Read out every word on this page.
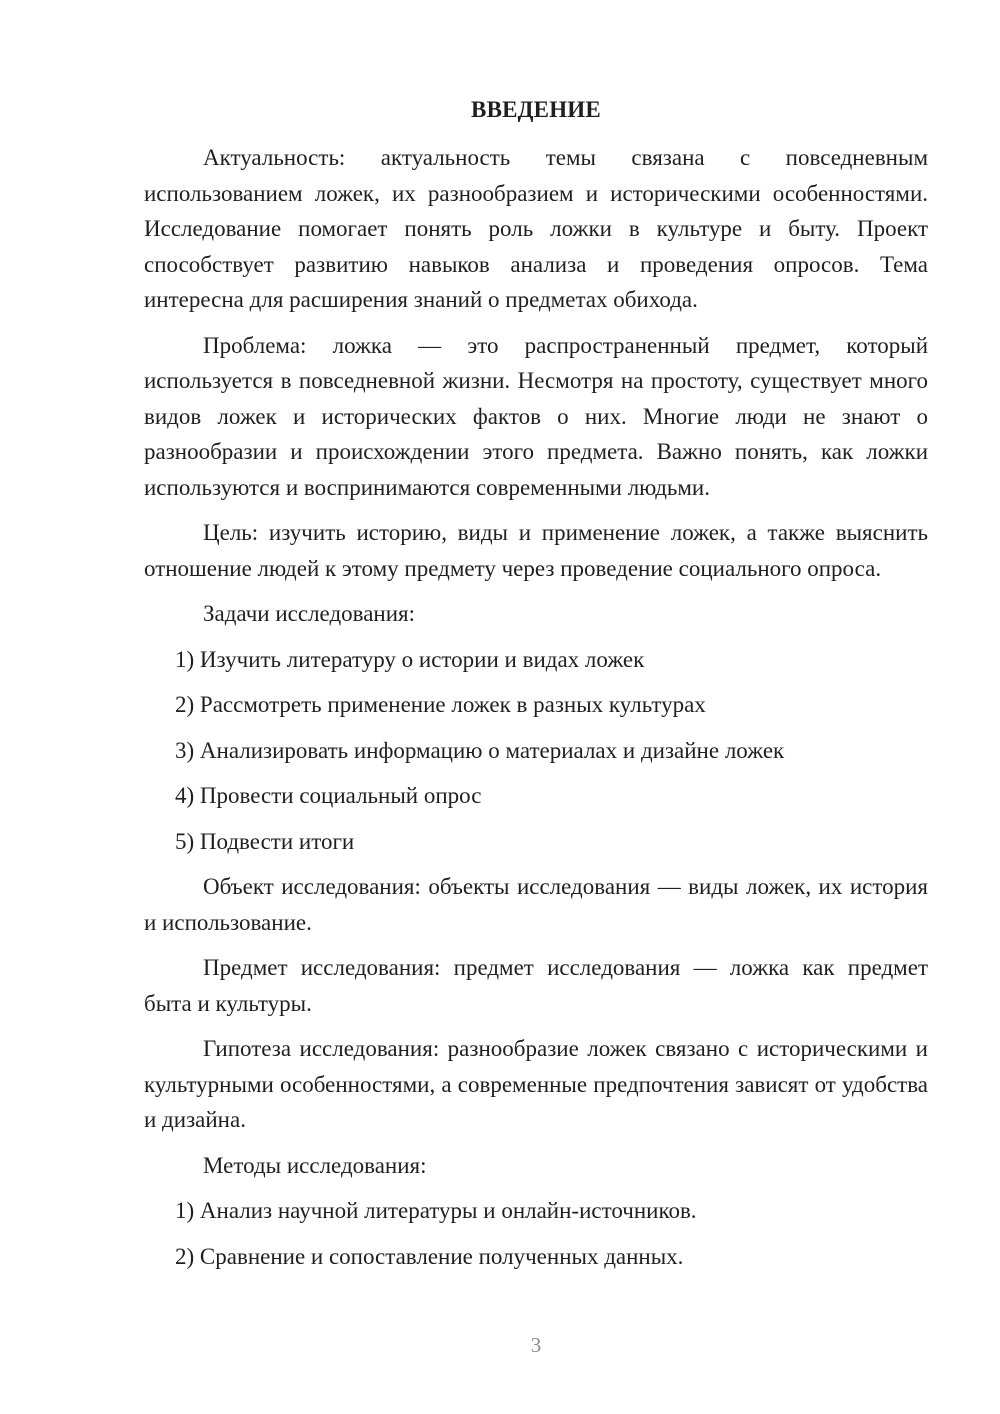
ВВЕДЕНИЕ

Актуальность: актуальность темы связана с повседневным использованием ложек, их разнообразием и историческими особенностями. Исследование помогает понять роль ложки в культуре и быту. Проект способствует развитию навыков анализа и проведения опросов. Тема интересна для расширения знаний о предметах обихода.

Проблема: ложка — это распространенный предмет, который используется в повседневной жизни. Несмотря на простоту, существует много видов ложек и исторических фактов о них. Многие люди не знают о разнообразии и происхождении этого предмета. Важно понять, как ложки используются и воспринимаются современными людьми.

Цель: изучить историю, виды и применение ложек, а также выяснить отношение людей к этому предмету через проведение социального опроса.

Задачи исследования:

1) Изучить литературу о истории и видах ложек

2) Рассмотреть применение ложек в разных культурах

3) Анализировать информацию о материалах и дизайне ложек

4) Провести социальный опрос

5) Подвести итоги

Объект исследования: объекты исследования — виды ложек, их история и использование.

Предмет исследования: предмет исследования — ложка как предмет быта и культуры.

Гипотеза исследования: разнообразие ложек связано с историческими и культурными особенностями, а современные предпочтения зависят от удобства и дизайна.

Методы исследования:

1) Анализ научной литературы и онлайн-источников.

2) Сравнение и сопоставление полученных данных.

3
